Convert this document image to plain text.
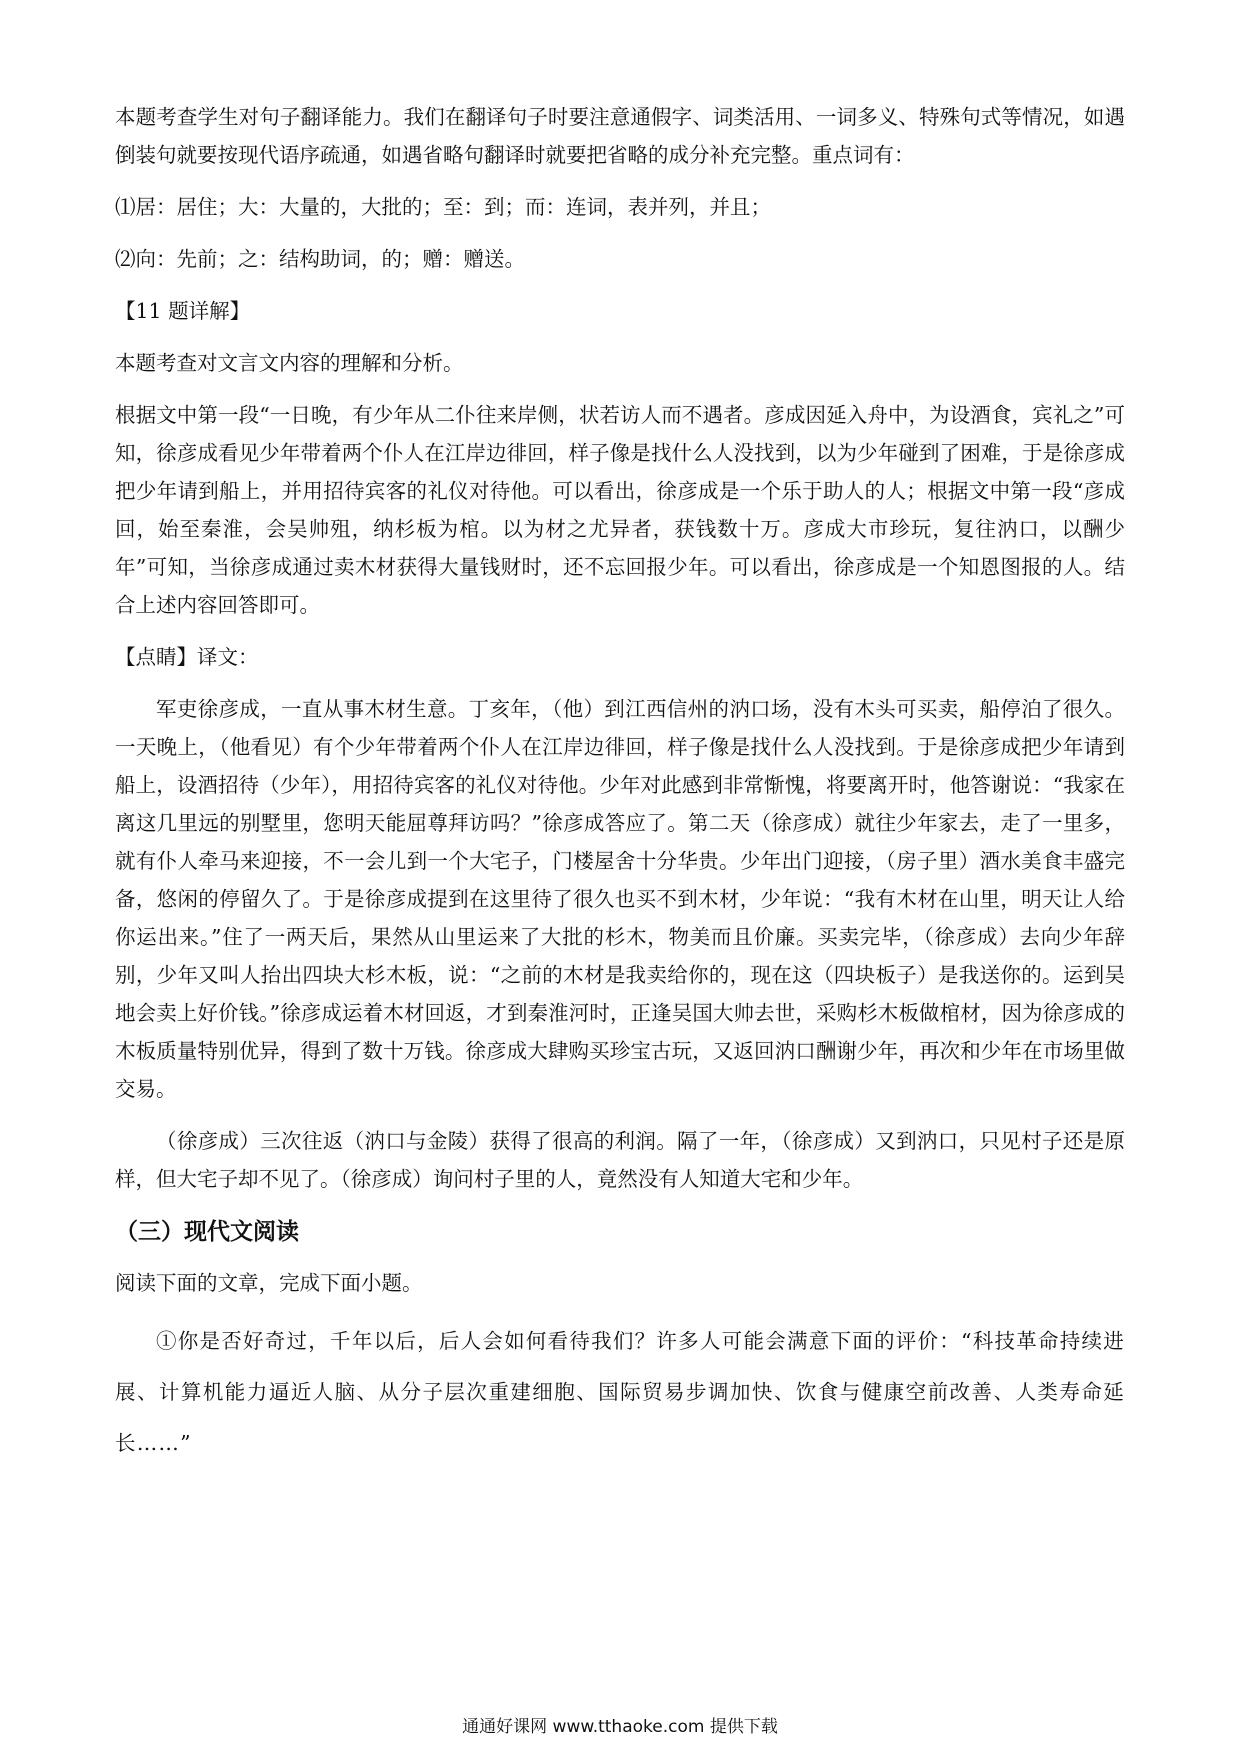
本题考查学生对句子翻译能力。我们在翻译句子时要注意通假字、词类活用、一词多义、特殊句式等情况，如遇倒装句就要按现代语序疏通，如遇省略句翻译时就要把省略的成分补充完整。重点词有：

⑴居：居住；大：大量的，大批的；至：到；而：连词，表并列，并且；

⑵向：先前；之：结构助词，的；赠：赠送。

【11 题详解】

本题考查对文言文内容的理解和分析。

根据文中第一段“一日晚，有少年从二仆往来岸侧，状若访人而不遇者。彦成因延入舟中，为设酒食，宾礼之”可知，徐彦成看见少年带着两个仆人在江岸边徘回，样子像是找什么人没找到，以为少年碰到了困难，于是徐彦成把少年请到船上，并用招待宾客的礼仪对待他。可以看出，徐彦成是一个乐于助人的人；根据文中第一段“彦成回，始至秦淮，会吴帅殂，纳杉板为棺。以为材之尤异者，获钱数十万。彦成大市珍玩，复往汭口，以酬少年”可知，当徐彦成通过卖木材获得大量钱财时，还不忘回报少年。可以看出，徐彦成是一个知恩图报的人。结合上述内容回答即可。

【点睛】译文：

军吏徐彦成，一直从事木材生意。丁亥年，（他）到江西信州的汭口场，没有木头可买卖，船停泊了很久。一天晚上，（他看见）有个少年带着两个仆人在江岸边徘回，样子像是找什么人没找到。于是徐彦成把少年请到船上，设酒招待（少年），用招待宾客的礼仪对待他。少年对此感到非常惭愧，将要离开时，他答谢说：“我家在离这几里远的别墅里，您明天能屈尊拜访吗？”徐彦成答应了。第二天（徐彦成）就往少年家去，走了一里多，就有仆人牵马来迎接，不一会儿到一个大宅子，门楼屋舍十分华贵。少年出门迎接，（房子里）酒水美食丰盛完备，悠闲的停留久了。于是徐彦成提到在这里待了很久也买不到木材，少年说：“我有木材在山里，明天让人给你运出来。”住了一两天后，果然从山里运来了大批的杉木，物美而且价廉。买卖完毕，（徐彦成）去向少年辞别，少年又叫人抬出四块大杉木板，说：“之前的木材是我卖给你的，现在这（四块板子）是我送你的。运到吴地会卖上好价钱。”徐彦成运着木材回返，才到秦淮河时，正逢吴国大帅去世，采购杉木板做棺材，因为徐彦成的木板质量特别优异，得到了数十万钱。徐彦成大肆购买珍宝古玩，又返回汭口酬谢少年，再次和少年在市场里做交易。

（徐彦成）三次往返（汭口与金陵）获得了很高的利润。隔了一年，（徐彦成）又到汭口，只见村子还是原样，但大宅子却不见了。（徐彦成）询问村子里的人，竟然没有人知道大宅和少年。

（三）现代文阅读

阅读下面的文章，完成下面小题。

①你是否好奇过，千年以后，后人会如何看待我们？许多人可能会满意下面的评价：“科技革命持续进展、计算机能力逼近人脑、从分子层次重建细胞、国际贸易步调加快、饮食与健康空前改善、人类寿命延长……”

通通好课网 www.tthaoke.com 提供下载
